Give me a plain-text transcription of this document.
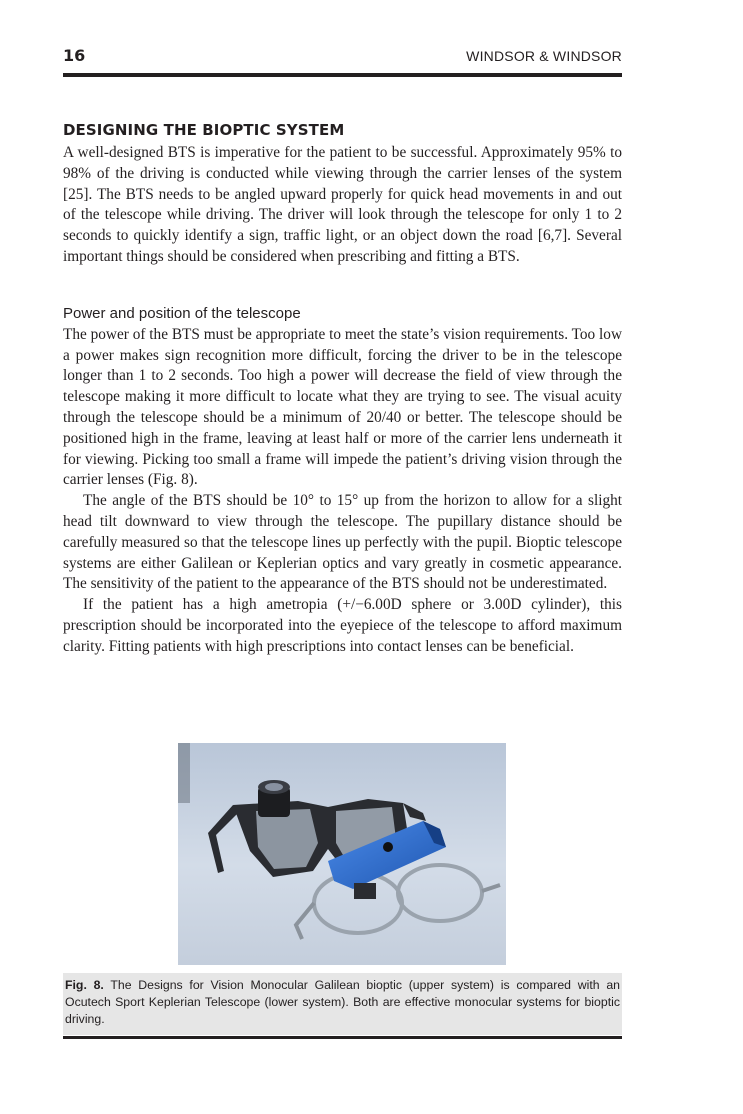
16	WINDSOR & WINDSOR
DESIGNING THE BIOPTIC SYSTEM

A well-designed BTS is imperative for the patient to be successful. Approximately 95% to 98% of the driving is conducted while viewing through the carrier lenses of the system [25]. The BTS needs to be angled upward properly for quick head movements in and out of the telescope while driving. The driver will look through the telescope for only 1 to 2 seconds to quickly identify a sign, traffic light, or an object down the road [6,7]. Several important things should be considered when prescribing and fitting a BTS.

Power and position of the telescope

The power of the BTS must be appropriate to meet the state’s vision requirements. Too low a power makes sign recognition more difficult, forcing the driver to be in the telescope longer than 1 to 2 seconds. Too high a power will decrease the field of view through the telescope making it more difficult to locate what they are trying to see. The visual acuity through the telescope should be a minimum of 20/40 or better. The telescope should be positioned high in the frame, leaving at least half or more of the carrier lens underneath it for viewing. Picking too small a frame will impede the patient’s driving vision through the carrier lenses (Fig. 8).

The angle of the BTS should be 10° to 15° up from the horizon to allow for a slight head tilt downward to view through the telescope. The pupillary distance should be carefully measured so that the telescope lines up perfectly with the pupil. Bioptic telescope systems are either Galilean or Keplerian optics and vary greatly in cosmetic appearance. The sensitivity of the patient to the appearance of the BTS should not be underestimated.

If the patient has a high ametropia (+/−6.00D sphere or 3.00D cylinder), this prescription should be incorporated into the eyepiece of the telescope to afford maximum clarity. Fitting patients with high prescriptions into contact lenses can be beneficial.

Fig. 8. The Designs for Vision Monocular Galilean bioptic (upper system) is compared with an Ocutech Sport Keplerian Telescope (lower system). Both are effective monocular systems for bioptic driving.
